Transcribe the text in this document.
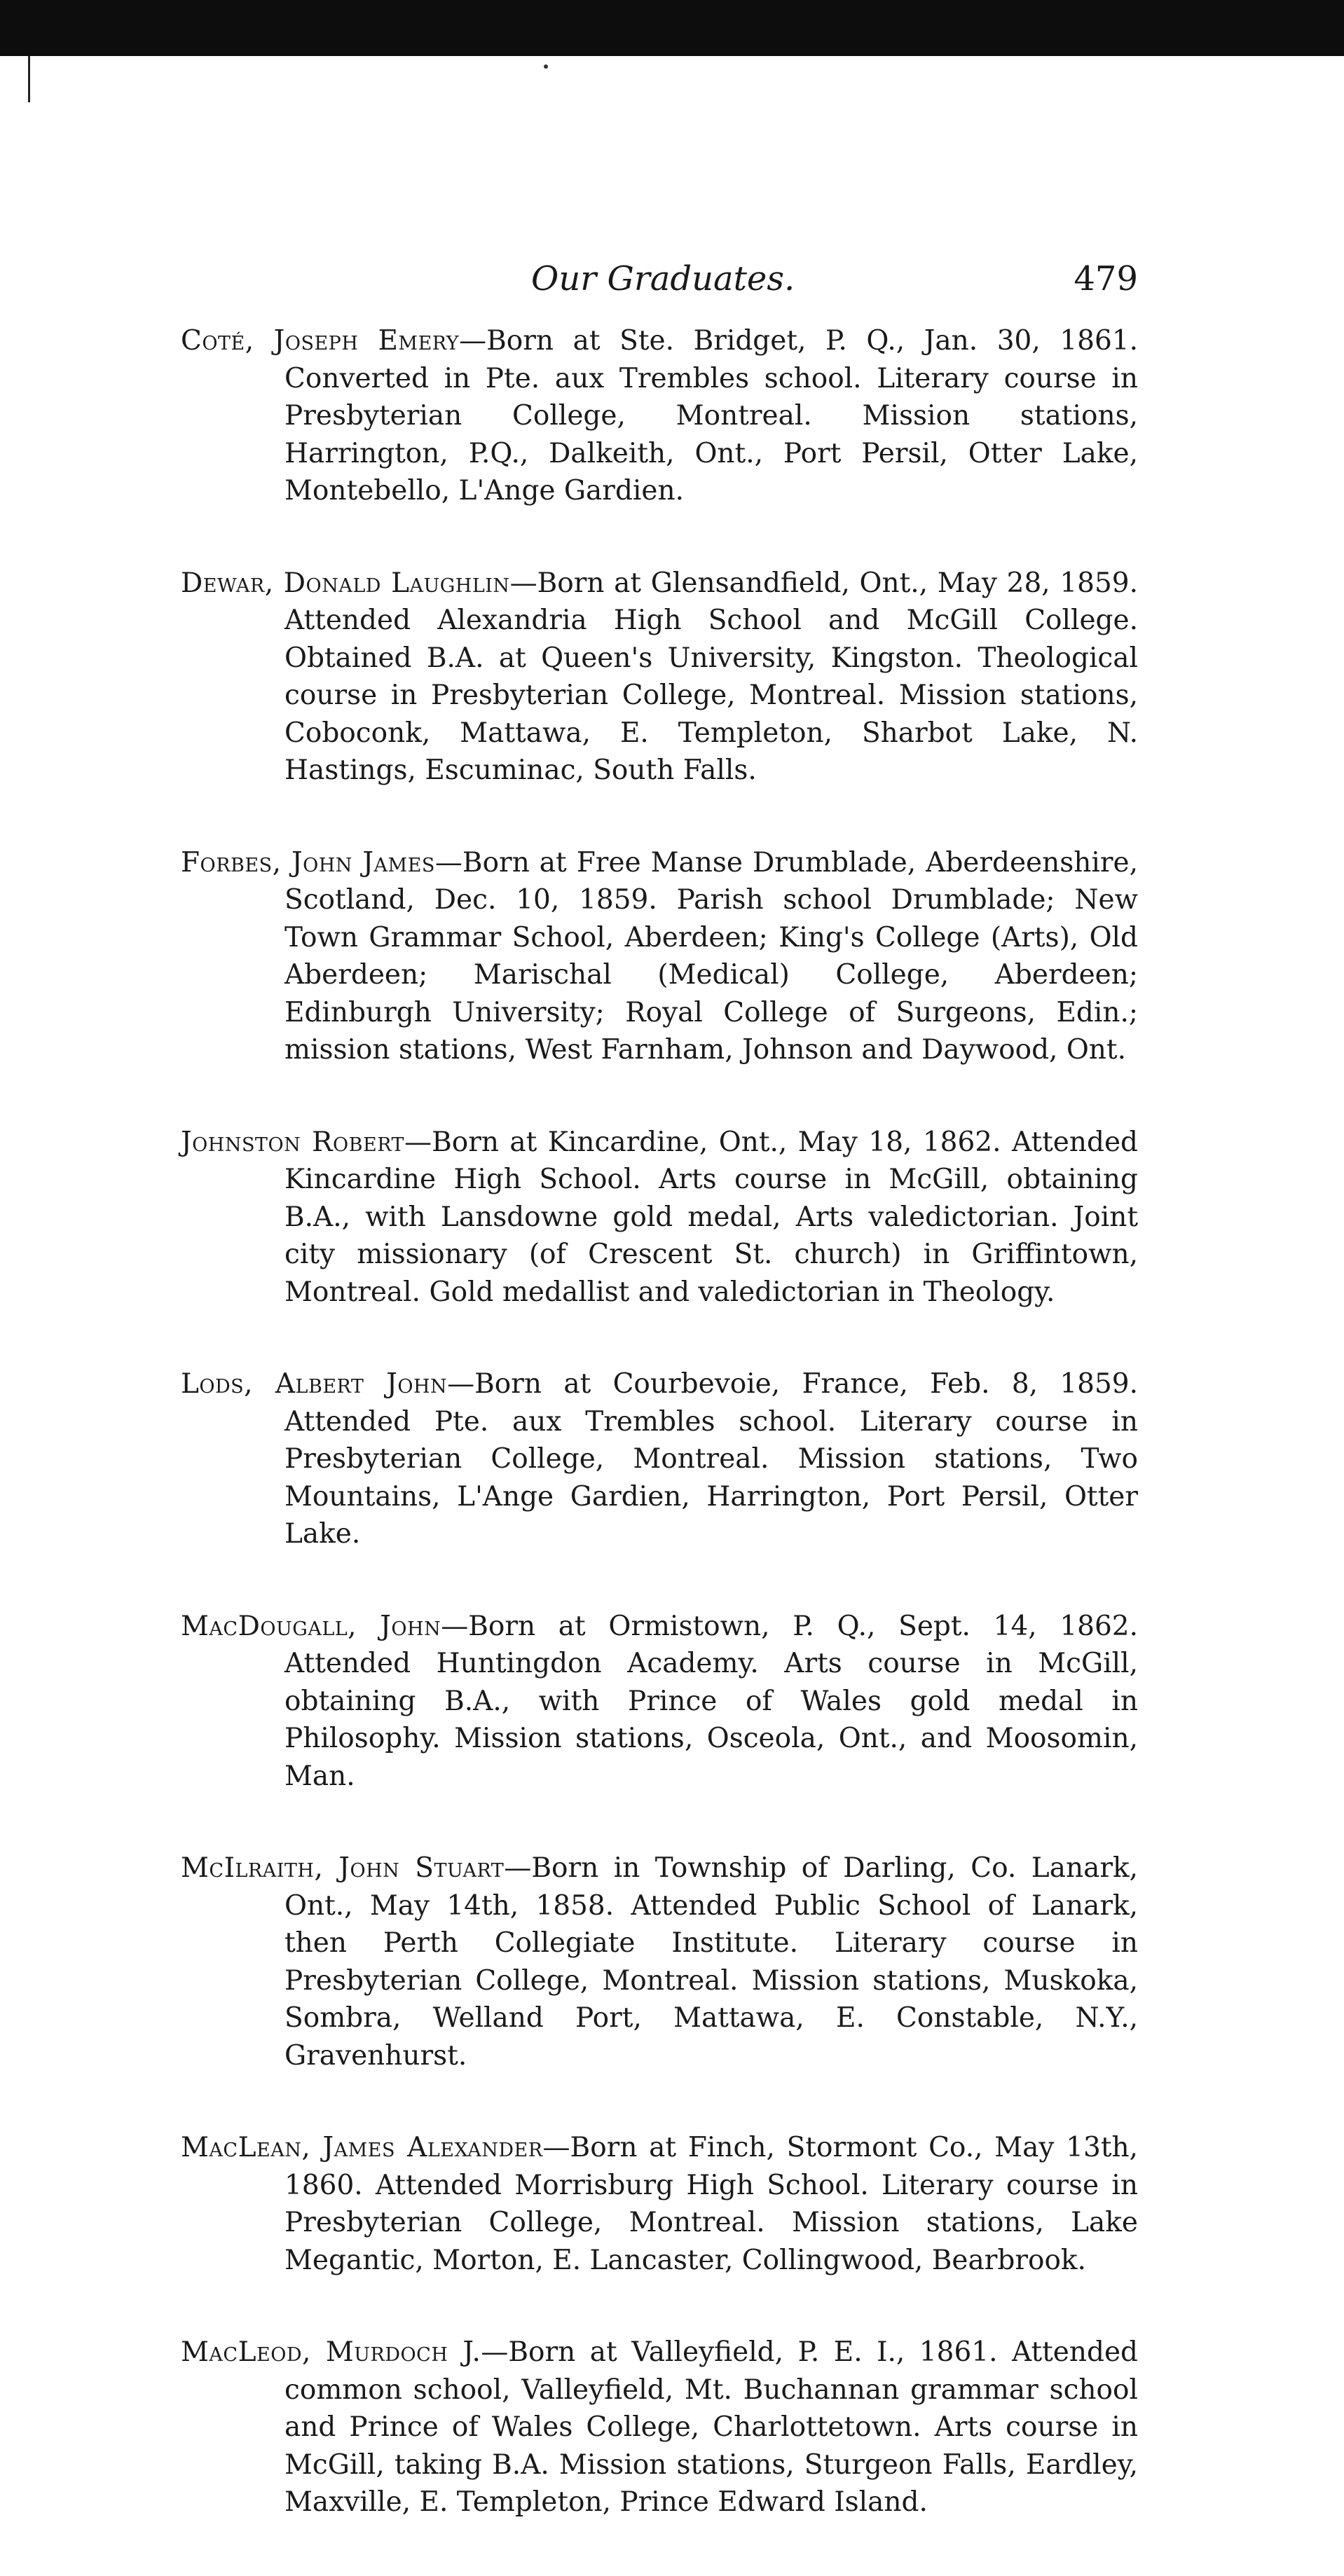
Our Graduates.	479

Coté, Joseph Emery—Born at Ste. Bridget, P. Q., Jan. 30, 1861. Converted in Pte. aux Trembles school. Literary course in Presbyterian College, Montreal. Mission stations, Harrington, P.Q., Dalkeith, Ont., Port Persil, Otter Lake, Montebello, L'Ange Gardien.

Dewar, Donald Laughlin—Born at Glensandfield, Ont., May 28, 1859. Attended Alexandria High School and McGill College. Obtained B.A. at Queen's University, Kingston. Theological course in Presbyterian College, Montreal. Mission stations, Coboconk, Mattawa, E. Templeton, Sharbot Lake, N. Hastings, Escuminac, South Falls.

Forbes, John James—Born at Free Manse Drumblade, Aberdeenshire, Scotland, Dec. 10, 1859. Parish school Drumblade; New Town Grammar School, Aberdeen; King's College (Arts), Old Aberdeen; Marischal (Medical) College, Aberdeen; Edinburgh University; Royal College of Surgeons, Edin.; mission stations, West Farnham, Johnson and Daywood, Ont.

Johnston Robert—Born at Kincardine, Ont., May 18, 1862. Attended Kincardine High School. Arts course in McGill, obtaining B.A., with Lansdowne gold medal, Arts valedictorian. Joint city missionary (of Crescent St. church) in Griffintown, Montreal. Gold medallist and valedictorian in Theology.

Lods, Albert John—Born at Courbevoie, France, Feb. 8, 1859. Attended Pte. aux Trembles school. Literary course in Presbyterian College, Montreal. Mission stations, Two Mountains, L'Ange Gardien, Harrington, Port Persil, Otter Lake.

MacDougall, John—Born at Ormistown, P. Q., Sept. 14, 1862. Attended Huntingdon Academy. Arts course in McGill, obtaining B.A., with Prince of Wales gold medal in Philosophy. Mission stations, Osceola, Ont., and Moosomin, Man.

McIlraith, John Stuart—Born in Township of Darling, Co. Lanark, Ont., May 14th, 1858. Attended Public School of Lanark, then Perth Collegiate Institute. Literary course in Presbyterian College, Montreal. Mission stations, Muskoka, Sombra, Welland Port, Mattawa, E. Constable, N.Y., Gravenhurst.

MacLean, James Alexander—Born at Finch, Stormont Co., May 13th, 1860. Attended Morrisburg High School. Literary course in Presbyterian College, Montreal. Mission stations, Lake Megantic, Morton, E. Lancaster, Collingwood, Bearbrook.

MacLeod, Murdoch J.—Born at Valleyfield, P. E. I., 1861. Attended common school, Valleyfield, Mt. Buchannan grammar school and Prince of Wales College, Charlottetown. Arts course in McGill, taking B.A. Mission stations, Sturgeon Falls, Eardley, Maxville, E. Templeton, Prince Edward Island.
